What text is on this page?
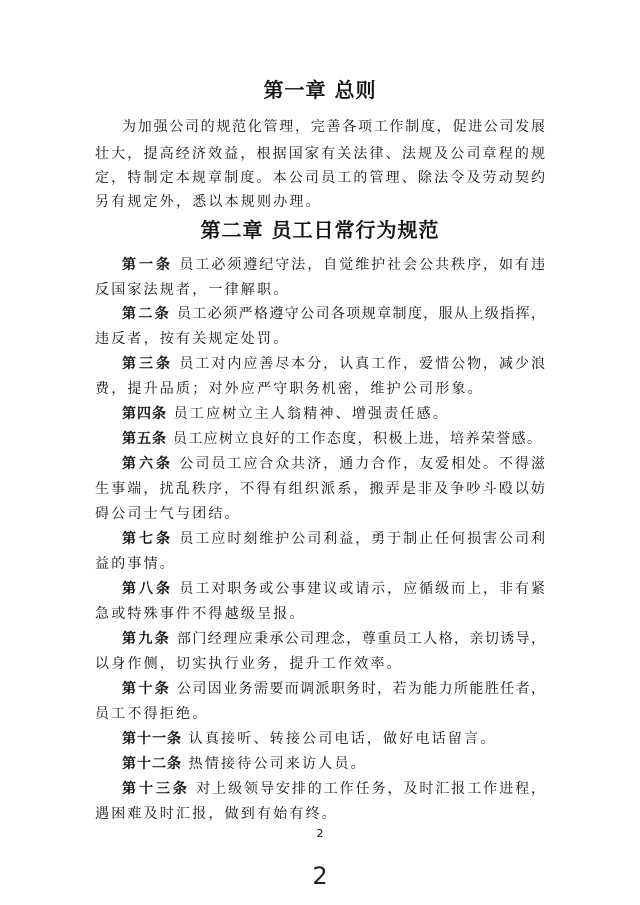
第一章 总则
为加强公司的规范化管理，完善各项工作制度，促进公司发展
壮大，提高经济效益，根据国家有关法律、法规及公司章程的规
定，特制定本规章制度。本公司员工的管理、除法令及劳动契约
另有规定外，悉以本规则办理。
第二章 员工日常行为规范
第一条 员工必须遵纪守法，自觉维护社会公共秩序，如有违
反国家法规者，一律解职。
第二条 员工必须严格遵守公司各项规章制度，服从上级指挥，
违反者，按有关规定处罚。
第三条 员工对内应善尽本分，认真工作，爱惜公物，减少浪
费，提升品质；对外应严守职务机密，维护公司形象。
第四条 员工应树立主人翁精神、增强责任感。
第五条 员工应树立良好的工作态度，积极上进，培养荣誉感。
第六条 公司员工应合众共济，通力合作，友爱相处。不得滋
生事端，扰乱秩序，不得有组织派系，搬弄是非及争吵斗殴以妨
碍公司士气与团结。
第七条 员工应时刻维护公司利益，勇于制止任何损害公司利
益的事情。
第八条 员工对职务或公事建议或请示，应循级而上，非有紧
急或特殊事件不得越级呈报。
第九条 部门经理应秉承公司理念，尊重员工人格，亲切诱导，
以身作侧，切实执行业务，提升工作效率。
第十条 公司因业务需要而调派职务时，若为能力所能胜任者，
员工不得拒绝。
第十一条 认真接听、转接公司电话，做好电话留言。
第十二条 热情接待公司来访人员。
第十三条 对上级领导安排的工作任务，及时汇报工作进程，
遇困难及时汇报，做到有始有终。
2
2
